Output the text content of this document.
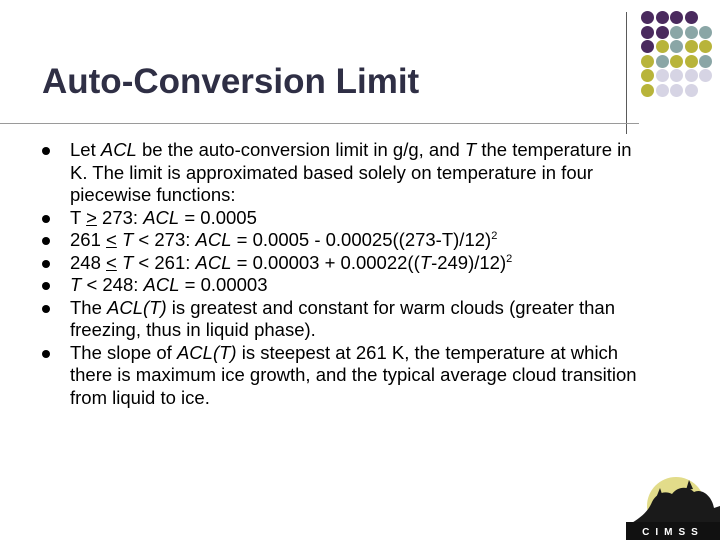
Auto-Conversion Limit
Let ACL be the auto-conversion limit in g/g, and T the temperature in K. The limit is approximated based solely on temperature in four piecewise functions:
T > 273: ACL = 0.0005
261 < T < 273: ACL = $0.0005 - 0.00025((273-T)/12)^2$
248 < T < 261: ACL = $0.00003 + 0.00022((T-249)/12)^2$
T < 248: ACL = 0.00003
The ACL(T) is greatest and constant for warm clouds (greater than freezing, thus in liquid phase).
The slope of ACL(T) is steepest at 261 K, the temperature at which there is maximum ice growth, and the typical average cloud transition from liquid to ice.
CIMSS
